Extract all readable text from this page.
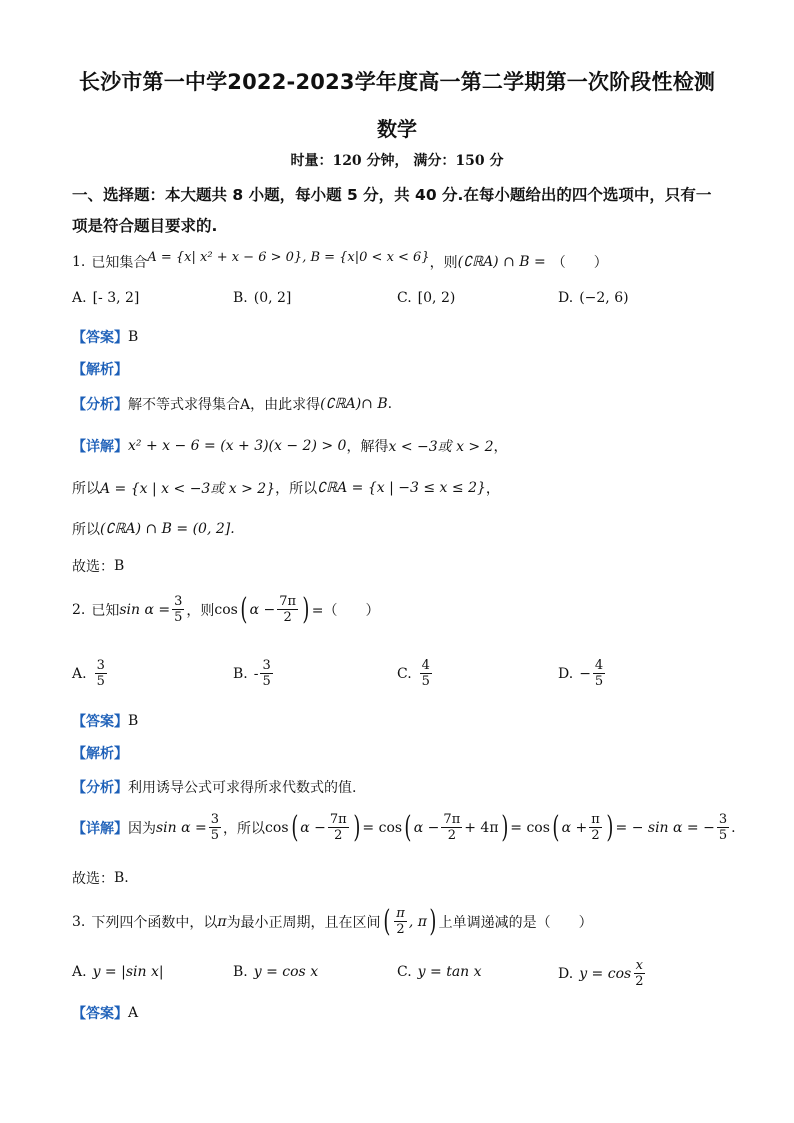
长沙市第一中学2022-2023学年度高一第二学期第一次阶段性检测
数学
时量：120 分钟， 满分：150 分
一、选择题：本大题共 8 小题，每小题 5 分，共 40 分.在每小题给出的四个选项中，只有一项是符合题目要求的.
1. 已知集合 A = {x| x² + x − 6 > 0} , B = {x|0 < x < 6} ，则 (∁ℝA) ∩ B = （　　）
A. [- 3, 2]	B. (0, 2]	C. [0, 2)	D. (−2, 6)
【答案】 B
【解析】
【分析】 解不等式求得集合A，由此求得 (∁ℝA)∩ B .
【详解】 x² + x − 6 = (x + 3)(x − 2) > 0 ，解得 x < −3或 x > 2 ，
所以 A = {x | x < −3或 x > 2} ，所以 ∁ℝA = {x | −3 ≤ x ≤ 2} ，
所以 (∁ℝA) ∩ B = (0, 2].
故选： B
2. 已知 $\sin \alpha = \frac{3}{5}$ ，则 cos ( $\alpha - \frac{7\pi}{2}$ ) =（　　）
A. $\frac{3}{5}$	B. - $\frac{3}{5}$	C. $\frac{4}{5}$	D. − $\frac{4}{5}$
【答案】 B
【解析】
【分析】 利用诱导公式可求得所求代数式的值.
【详解】 因为 $\sin \alpha = \frac{3}{5}$ ，所以 cos ( $\alpha - \frac{7\pi}{2}$ ) = cos ( $\alpha - \frac{7\pi}{2} + 4\pi$ ) = cos ( $\alpha + \frac{\pi}{2}$ ) = − sin α = − $\frac{3}{5}$ .
故选： B.
3. 下列四个函数中，以 π 为最小正周期，且在区间 ( $\frac{\pi}{2}$ , π ) 上单调递减的是（　　）
A. y = |sin x|	B. y = cos x	C. y = tan x	D. $y = \cos \frac{x}{2}$
【答案】 A
